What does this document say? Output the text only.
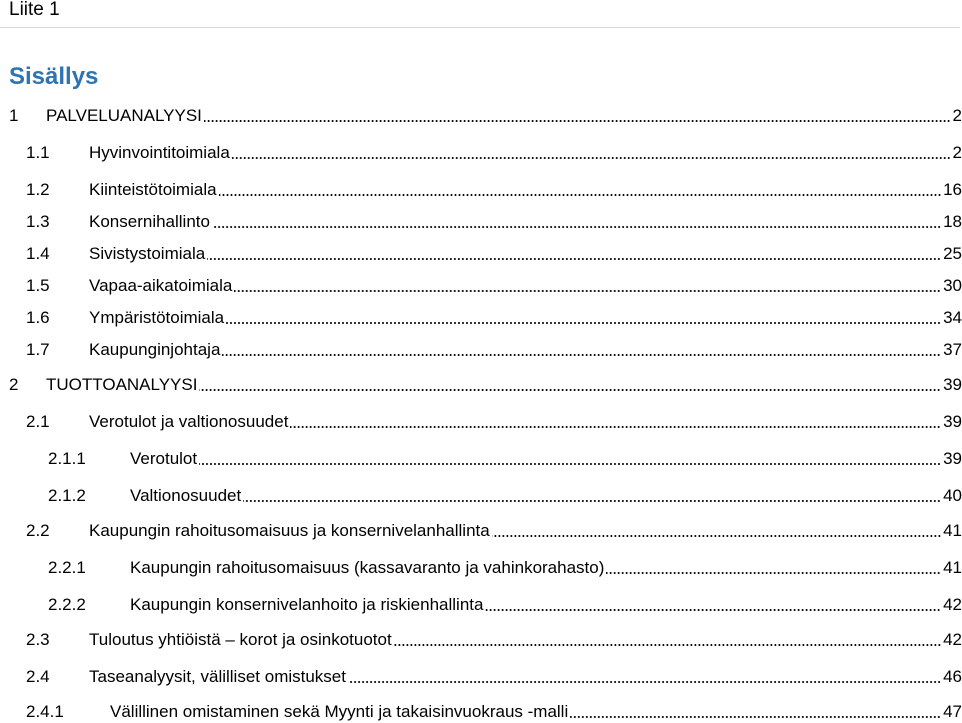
Liite 1
Sisällys
1	PALVELUANALYYSI	2
1.1	Hyvinvointitoimiala	2
1.2	Kiinteistötoimiala	16
1.3	Konsernihallinto	18
1.4	Sivistystoimiala	25
1.5	Vapaa-aikatoimiala	30
1.6	Ympäristötoimiala	34
1.7	Kaupunginjohtaja	37
2	TUOTTOANALYYSI	39
2.1	Verotulot ja valtionosuudet	39
2.1.1	Verotulot	39
2.1.2	Valtionosuudet	40
2.2	Kaupungin rahoitusomaisuus ja konsernivelanhallinta	41
2.2.1	Kaupungin rahoitusomaisuus (kassavaranto ja vahinkorahasto)	41
2.2.2	Kaupungin konsernivelanhoito ja riskienhallinta	42
2.3	Tuloutus yhtiöistä – korot ja osinkotuotot	42
2.4	Taseanalyysit, välilliset omistukset	46
2.4.1	Välillinen omistaminen sekä Myynti ja takaisinvuokraus -malli	47
